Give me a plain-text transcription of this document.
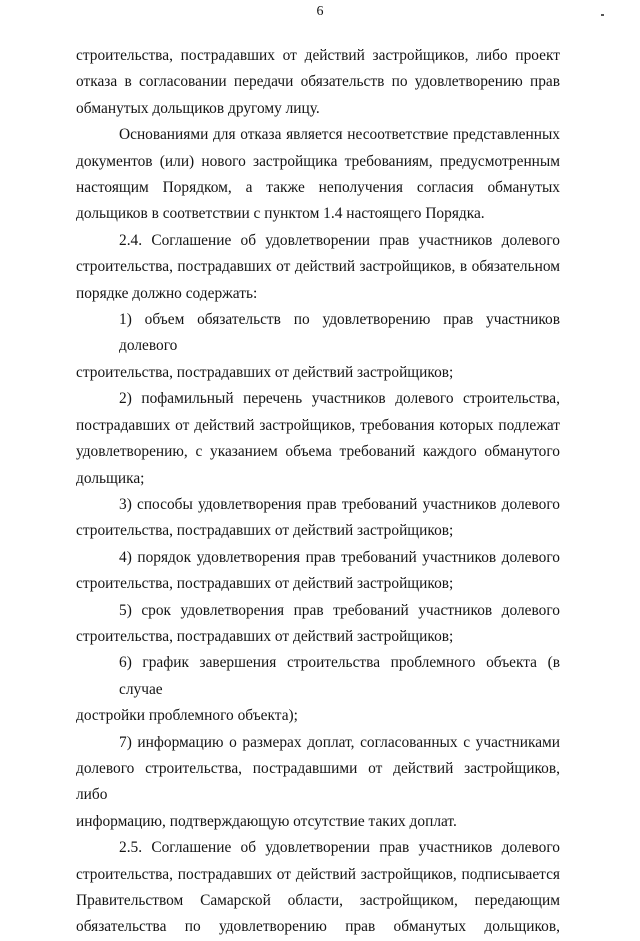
6
строительства, пострадавших от действий застройщиков, либо проект
отказа в согласовании передачи обязательств по удовлетворению прав
обманутых дольщиков другому лицу.
Основаниями для отказа является несоответствие представленных
документов (или) нового застройщика требованиям, предусмотренным
настоящим Порядком, а также неполучения согласия обманутых
дольщиков в соответствии с пунктом 1.4 настоящего Порядка.
2.4. Соглашение об удовлетворении прав участников долевого
строительства, пострадавших от действий застройщиков, в обязательном
порядке должно содержать:
1) объем обязательств по удовлетворению прав участников долевого
строительства, пострадавших от действий застройщиков;
2) пофамильный перечень участников долевого строительства,
пострадавших от действий застройщиков, требования которых подлежат
удовлетворению, с указанием объема требований каждого обманутого
дольщика;
3) способы удовлетворения прав требований участников долевого
строительства, пострадавших от действий застройщиков;
4) порядок удовлетворения прав требований участников долевого
строительства, пострадавших от действий застройщиков;
5) срок удовлетворения прав требований участников долевого
строительства, пострадавших от действий застройщиков;
6) график завершения строительства проблемного объекта (в случае
достройки проблемного объекта);
7) информацию о размерах доплат, согласованных с участниками
долевого строительства, пострадавшими от действий застройщиков, либо
информацию, подтверждающую отсутствие таких доплат.
2.5. Соглашение об удовлетворении прав участников долевого
строительства, пострадавших от действий застройщиков, подписывается
Правительством Самарской области, застройщиком, передающим
обязательства по удовлетворению прав обманутых дольщиков,
